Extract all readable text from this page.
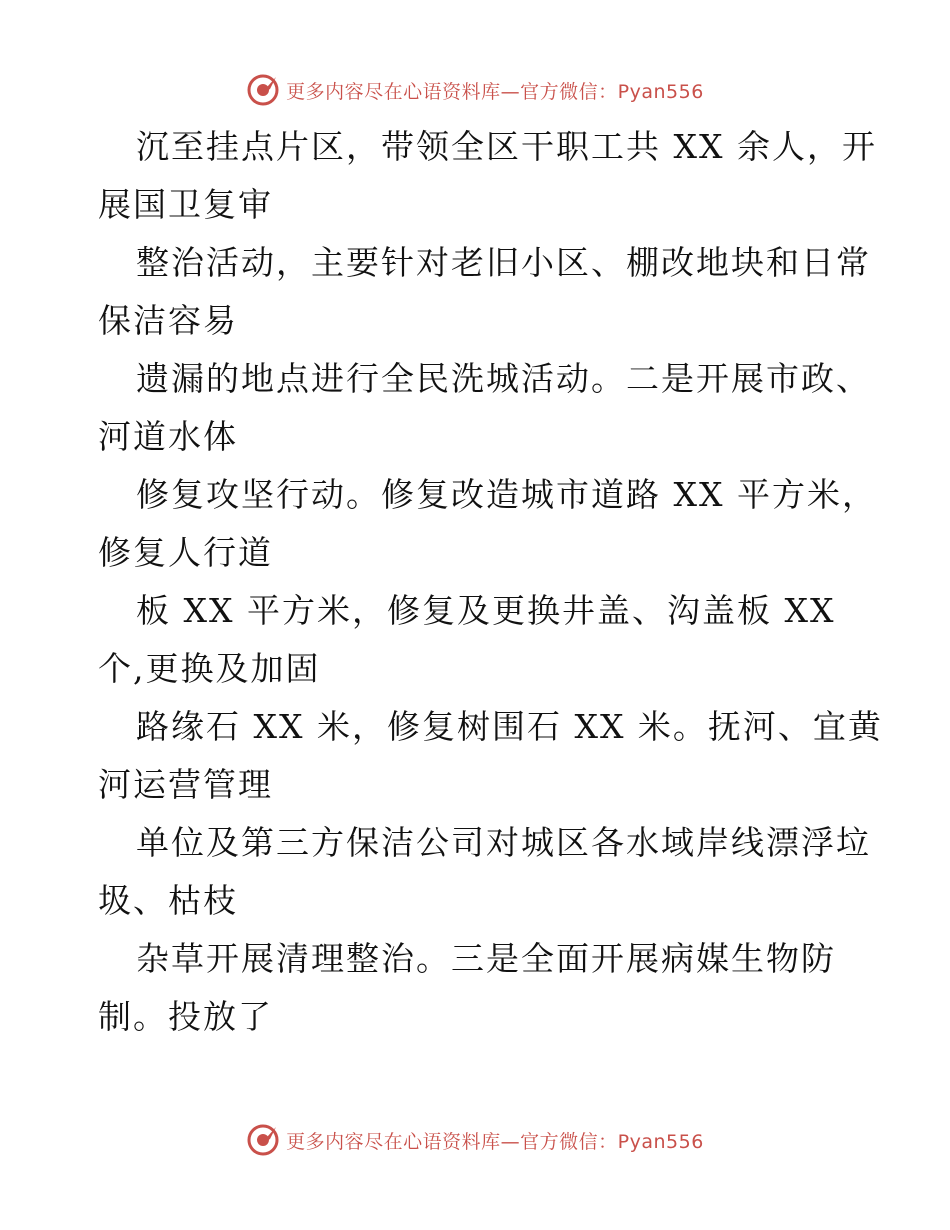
更多内容尽在心语资料库—官方微信：Pyan556
沉至挂点片区，带领全区干职工共 XX 余人，开
展国卫复审
整治活动，主要针对老旧小区、棚改地块和日常
保洁容易
遗漏的地点进行全民洗城活动。二是开展市政、
河道水体
修复攻坚行动。修复改造城市道路 XX 平方米，
修复人行道
板 XX 平方米，修复及更换井盖、沟盖板 XX
个,更换及加固
路缘石 XX 米，修复树围石 XX 米。抚河、宜黄
河运营管理
单位及第三方保洁公司对城区各水域岸线漂浮垃
圾、枯枝
杂草开展清理整治。三是全面开展病媒生物防
制。投放了
更多内容尽在心语资料库—官方微信：Pyan556
